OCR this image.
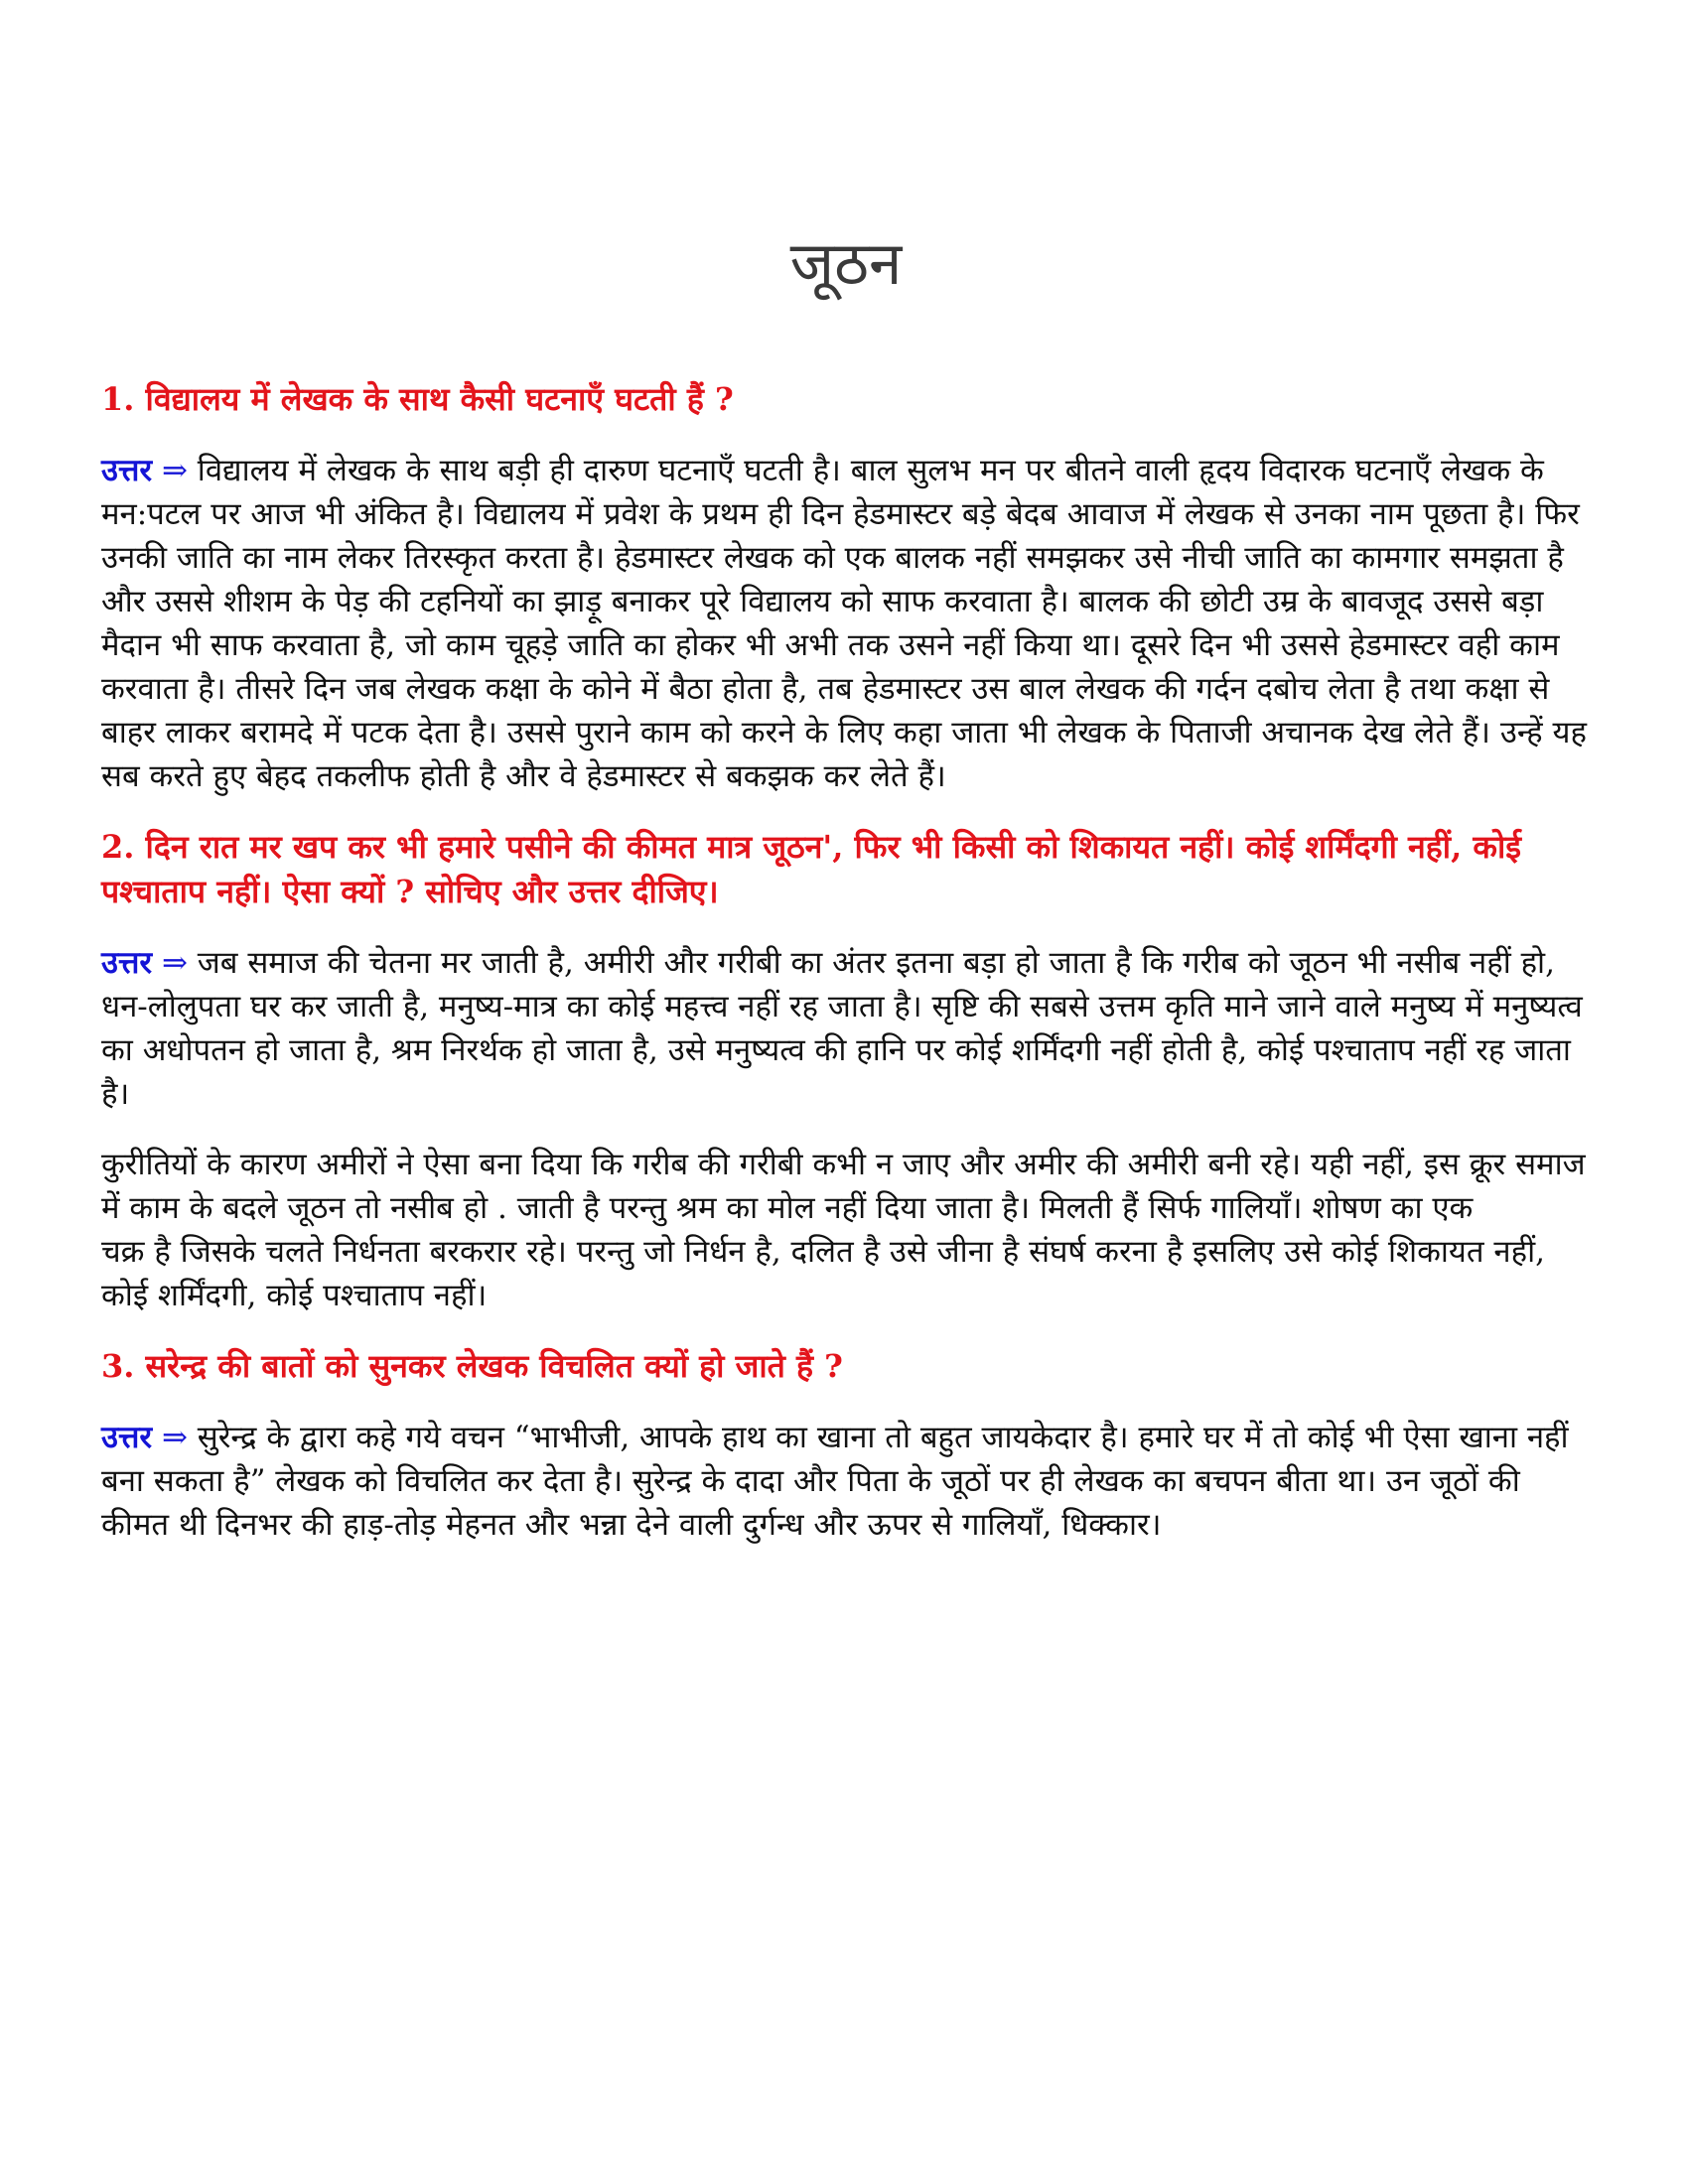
जूठन
1. विद्यालय में लेखक के साथ कैसी घटनाएँ घटती हैं ?
उत्तर ⇒ विद्यालय में लेखक के साथ बड़ी ही दारुण घटनाएँ घटती है। बाल सुलभ मन पर बीतने वाली हृदय विदारक घटनाएँ लेखक के मन:पटल पर आज भी अंकित है। विद्यालय में प्रवेश के प्रथम ही दिन हेडमास्टर बड़े बेदब आवाज में लेखक से उनका नाम पूछता है। फिर उनकी जाति का नाम लेकर तिरस्कृत करता है। हेडमास्टर लेखक को एक बालक नहीं समझकर उसे नीची जाति का कामगार समझता है और उससे शीशम के पेड़ की टहनियों का झाड़ू बनाकर पूरे विद्यालय को साफ करवाता है। बालक की छोटी उम्र के बावजूद उससे बड़ा मैदान भी साफ करवाता है, जो काम चूहड़े जाति का होकर भी अभी तक उसने नहीं किया था। दूसरे दिन भी उससे हेडमास्टर वही काम करवाता है। तीसरे दिन जब लेखक कक्षा के कोने में बैठा होता है, तब हेडमास्टर उस बाल लेखक की गर्दन दबोच लेता है तथा कक्षा से बाहर लाकर बरामदे में पटक देता है। उससे पुराने काम को करने के लिए कहा जाता भी लेखक के पिताजी अचानक देख लेते हैं। उन्हें यह सब करते हुए बेहद तकलीफ होती है और वे हेडमास्टर से बकझक कर लेते हैं।
2. दिन रात मर खप कर भी हमारे पसीने की कीमत मात्र जूठन', फिर भी किसी को शिकायत नहीं। कोई शर्मिंदगी नहीं, कोई पश्चाताप नहीं। ऐसा क्यों ? सोचिए और उत्तर दीजिए।
उत्तर ⇒ जब समाज की चेतना मर जाती है, अमीरी और गरीबी का अंतर इतना बड़ा हो जाता है कि गरीब को जूठन भी नसीब नहीं हो, धन-लोलुपता घर कर जाती है, मनुष्य-मात्र का कोई महत्त्व नहीं रह जाता है। सृष्टि की सबसे उत्तम कृति माने जाने वाले मनुष्य में मनुष्यत्व का अधोपतन हो जाता है, श्रम निरर्थक हो जाता है, उसे मनुष्यत्व की हानि पर कोई शर्मिंदगी नहीं होती है, कोई पश्चाताप नहीं रह जाता है।
कुरीतियों के कारण अमीरों ने ऐसा बना दिया कि गरीब की गरीबी कभी न जाए और अमीर की अमीरी बनी रहे। यही नहीं, इस क्रूर समाज में काम के बदले जूठन तो नसीब हो . जाती है परन्तु श्रम का मोल नहीं दिया जाता है। मिलती हैं सिर्फ गालियाँ। शोषण का एक
चक्र है जिसके चलते निर्धनता बरकरार रहे। परन्तु जो निर्धन है, दलित है उसे जीना है संघर्ष करना है इसलिए उसे कोई शिकायत नहीं, कोई शर्मिंदगी, कोई पश्चाताप नहीं।
3. सरेन्द्र की बातों को सुनकर लेखक विचलित क्यों हो जाते हैं ?
उत्तर ⇒ सुरेन्द्र के द्वारा कहे गये वचन “भाभीजी, आपके हाथ का खाना तो बहुत जायकेदार है। हमारे घर में तो कोई भी ऐसा खाना नहीं बना सकता है” लेखक को विचलित कर देता है। सुरेन्द्र के दादा और पिता के जूठों पर ही लेखक का बचपन बीता था। उन जूठों की कीमत थी दिनभर की हाड़-तोड़ मेहनत और भन्ना देने वाली दुर्गन्ध और ऊपर से गालियाँ, धिक्कार।
